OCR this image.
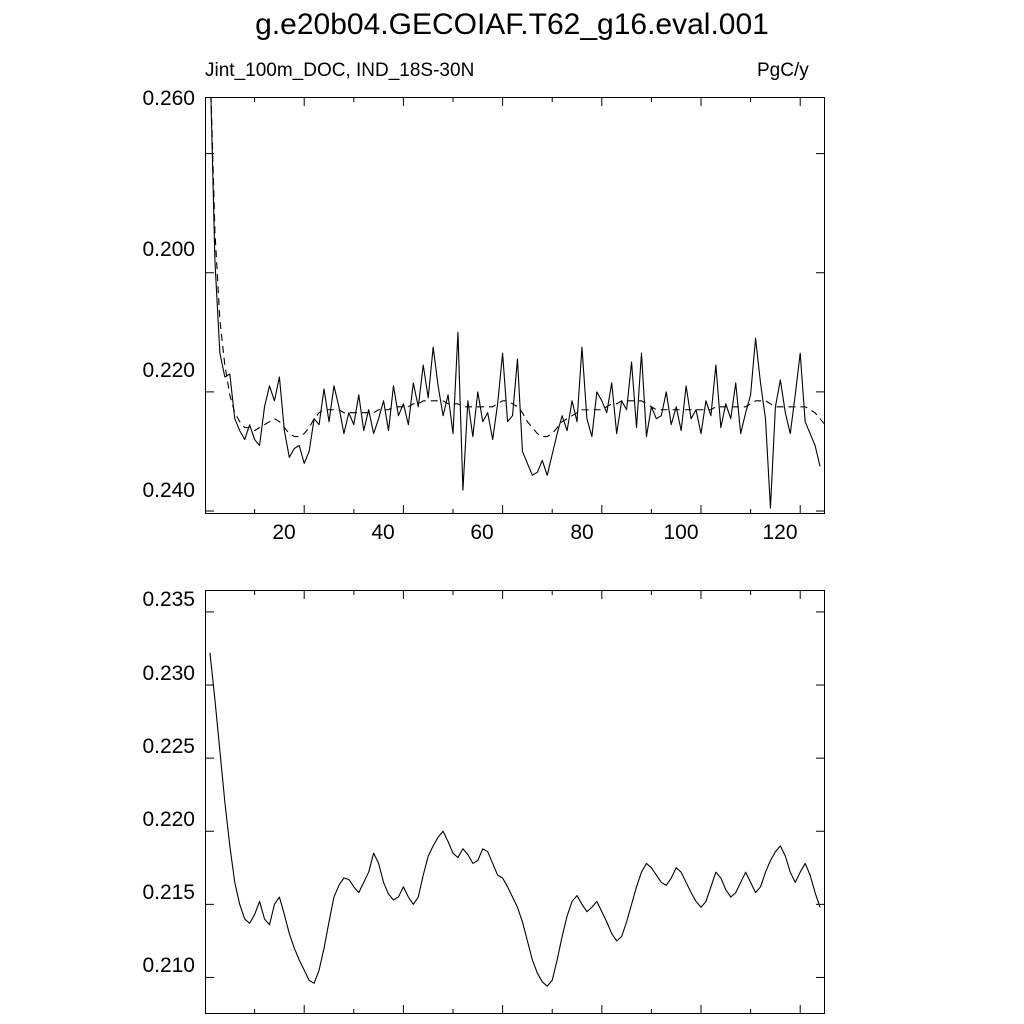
g.e20b04.GECOIAF.T62_g16.eval.001
Jint_100m_DOC, IND_18S-30N	PgC/y
0.200
0.220
0.240
0.260
20	40	60	80	100	120
0.210
0.215
0.220
0.225
0.230
0.235
